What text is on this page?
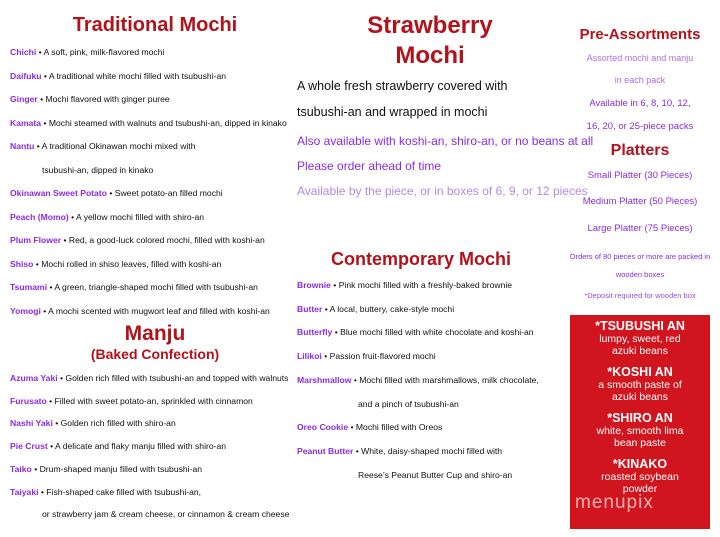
Traditional Mochi
Chichi • A soft, pink, milk-flavored mochi
Daifuku • A traditional white mochi filled with tsubushi-an
Ginger • Mochi flavored with ginger puree
Kamata • Mochi steamed with walnuts and tsubushi-an, dipped in kinako
Nantu • A traditional Okinawan mochi mixed with
tsubushi-an, dipped in kinako
Okinawan Sweet Potato • Sweet potato-an filled mochi
Peach (Momo) • A yellow mochi filled with shiro-an
Plum Flower • Red, a good-luck colored mochi, filled with koshi-an
Shiso • Mochi rolled in shiso leaves, filled with koshi-an
Tsumami • A green, triangle-shaped mochi filled with tsubushi-an
Yomogi • A mochi scented with mugwort leaf and filled with koshi-an
Manju
(Baked Confection)
Azuma Yaki • Golden rich filled with tsubushi-an and topped with walnuts
Furusato • Filled with sweet potato-an, sprinkled with cinnamon
Nashi Yaki • Golden rich filled with shiro-an
Pie Crust • A delicate and flaky manju filled with shiro-an
Taiko • Drum-shaped manju filled with tsubushi-an
Taiyaki • Fish-shaped cake filled with tsubushi-an,
or strawberry jam & cream cheese, or cinnamon & cream cheese
Strawberry
Mochi
A whole fresh strawberry covered with
tsubushi-an and wrapped in mochi
Also available with koshi-an, shiro-an, or no beans at all
Please order ahead of time
Available by the piece, or in boxes of 6, 9, or 12 pieces
Contemporary Mochi
Brownie • Pink mochi filled with a freshly-baked brownie
Butter • A local, buttery, cake-style mochi
Butterfly • Blue mochi filled with white chocolate and koshi-an
Lilikoi • Passion fruit-flavored mochi
Marshmallow • Mochi filled with marshmallows, milk chocolate,
and a pinch of tsubushi-an
Oreo Cookie • Mochi filled with Oreos
Peanut Butter • White, daisy-shaped mochi filled with
Reese’s Peanut Butter Cup and shiro-an
Pre-Assortments
Assorted mochi and manju
in each pack
Available in 6, 8, 10, 12,
16, 20, or 25-piece packs
Platters
Small Platter (30 Pieces)
Medium Platter (50 Pieces)
Large Platter (75 Pieces)
Orders of 80 pieces or more are packed in
wooden boxes
*Deposit required for wooden box
*TSUBUSHI AN
lumpy, sweet, red
azuki beans
*KOSHI AN
a smooth paste of
azuki beans
*SHIRO AN
white, smooth lima
bean paste
*KINAKO
roasted soybean
powder
menupix
